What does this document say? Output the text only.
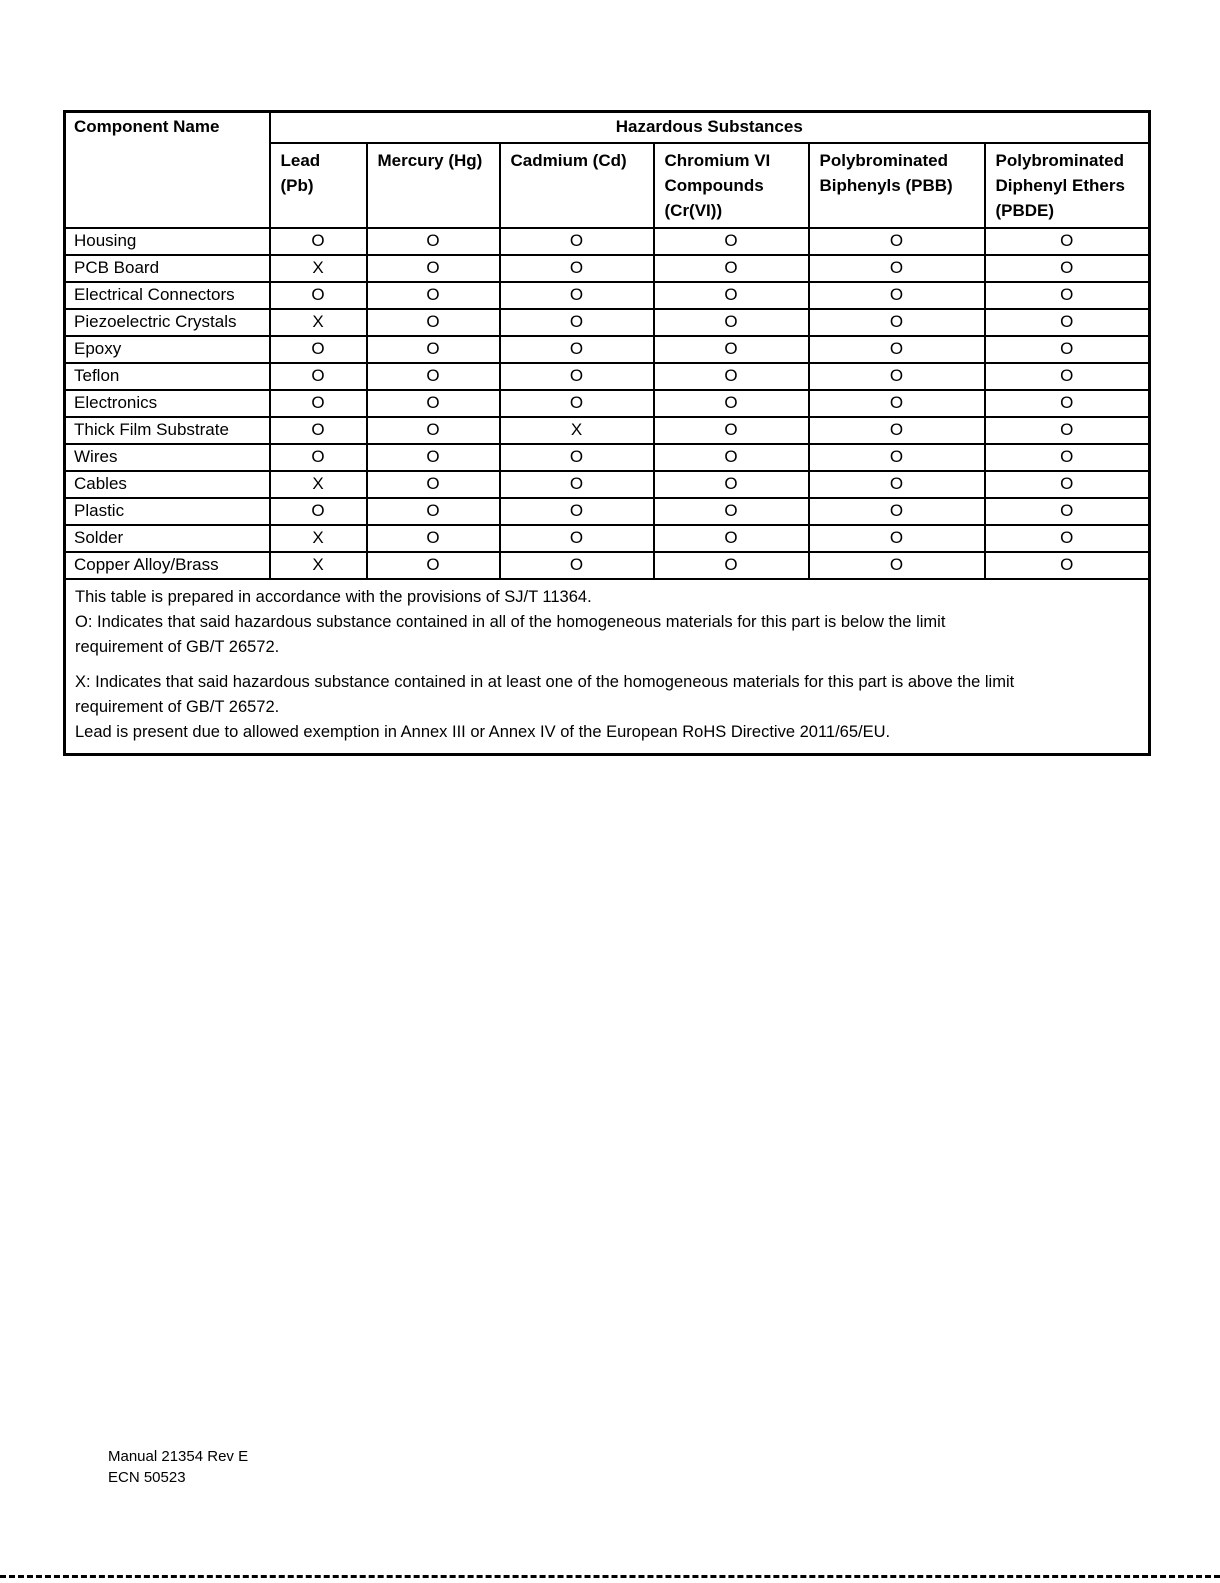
Component Name	Hazardous Substances					
	Lead (Pb)	Mercury (Hg)	Cadmium (Cd)	Chromium VI Compounds (Cr(VI))	Polybrominated Biphenyls (PBB)	Polybrominated Diphenyl Ethers (PBDE)
Housing	O	O	O	O	O	O
PCB Board	X	O	O	O	O	O
Electrical Connectors	O	O	O	O	O	O
Piezoelectric Crystals	X	O	O	O	O	O
Epoxy	O	O	O	O	O	O
Teflon	O	O	O	O	O	O
Electronics	O	O	O	O	O	O
Thick Film Substrate	O	O	X	O	O	O
Wires	O	O	O	O	O	O
Cables	X	O	O	O	O	O
Plastic	O	O	O	O	O	O
Solder	X	O	O	O	O	O
Copper Alloy/Brass	X	O	O	O	O	O

This table is prepared in accordance with the provisions of SJ/T 11364.
O: Indicates that said hazardous substance contained in all of the homogeneous materials for this part is below the limit
requirement of GB/T 26572.
X: Indicates that said hazardous substance contained in at least one of the homogeneous materials for this part is above the limit
requirement of GB/T 26572.
Lead is present due to allowed exemption in Annex III or Annex IV of the European RoHS Directive 2011/65/EU.
Manual 21354 Rev E
ECN 50523
